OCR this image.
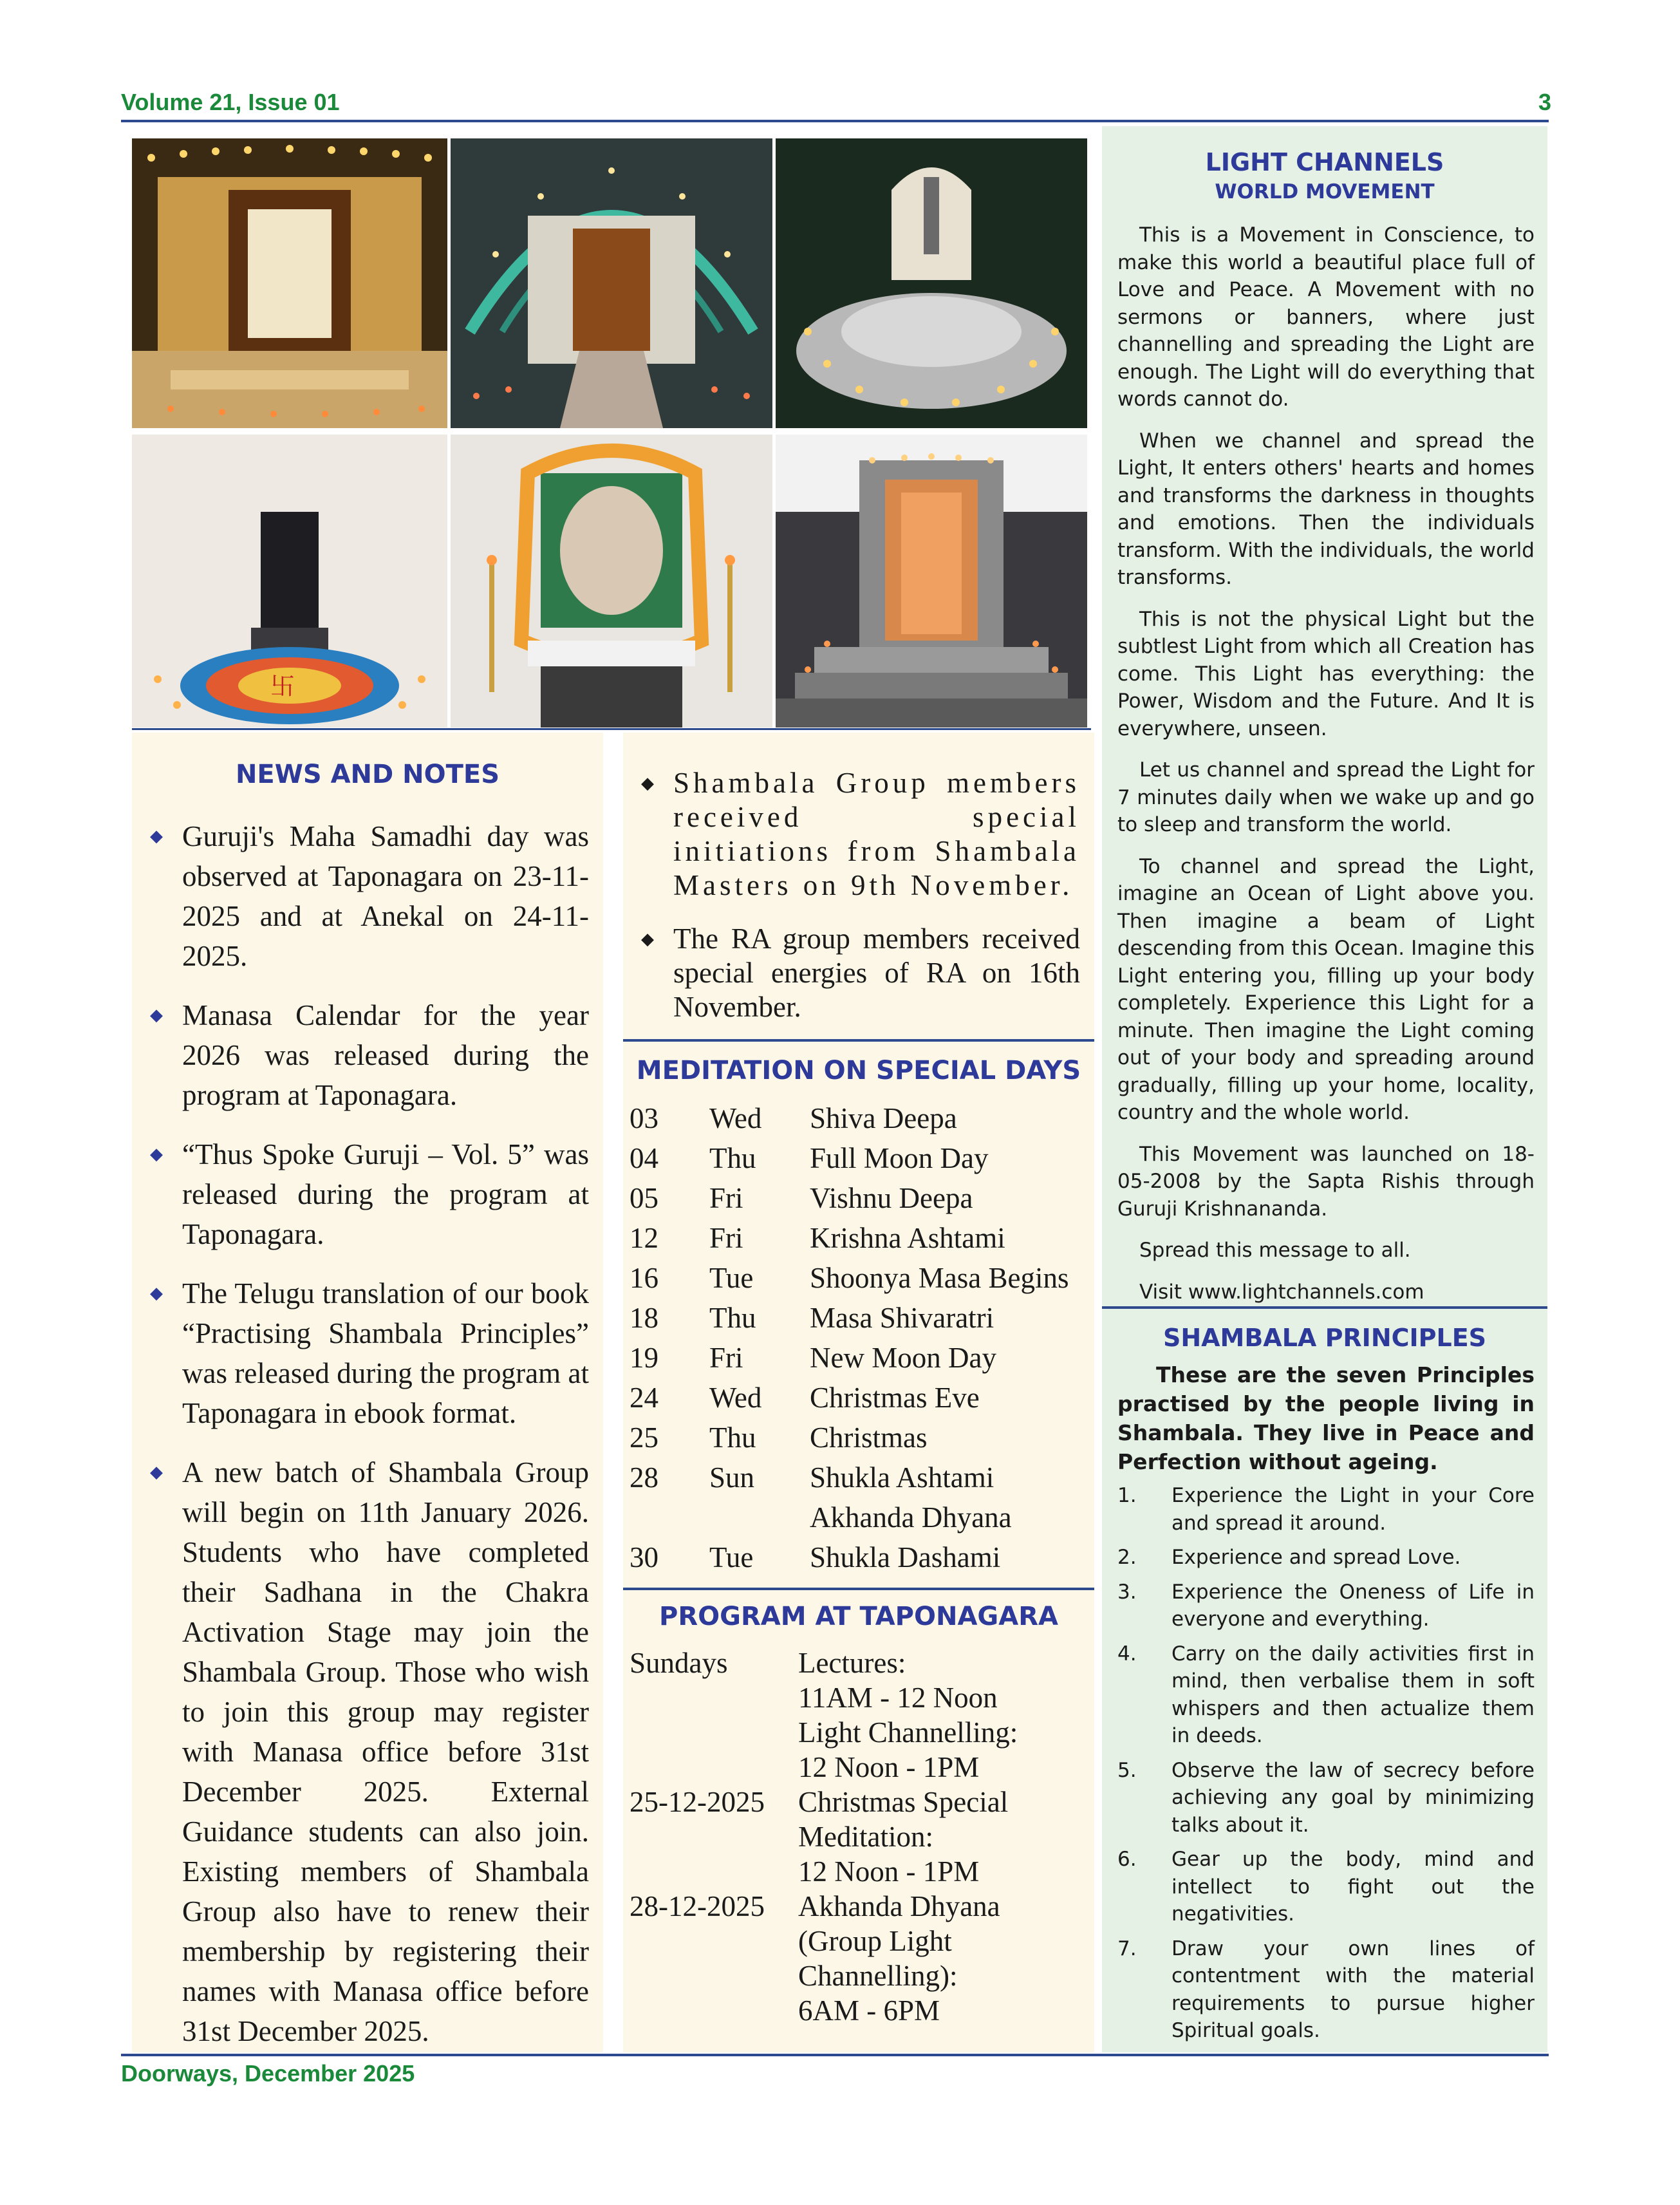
Volume 21, Issue 01	3
卐
NEWS AND NOTES
◆ Guruji's Maha Samadhi day was observed at Taponagara on 23-11-2025 and at Anekal on 24-11-2025.
◆ Manasa Calendar for the year 2026 was released during the program at Taponagara.
◆ “Thus Spoke Guruji – Vol. 5” was released during the program at Taponagara.
◆ The Telugu translation of our book “Practising Shambala Principles” was released during the program at Taponagara in ebook format.
◆ A new batch of Shambala Group will begin on 11th January 2026. Students who have completed their Sadhana in the Chakra Activation Stage may join the Shambala Group. Those who wish to join this group may register with Manasa office before 31st December 2025. External Guidance students can also join. Existing members of Shambala Group also have to renew their membership by registering their names with Manasa office before 31st December 2025.
◆ Shambala Group members received special initiations from Shambala Masters on 9th November.
◆ The RA group members received special energies of RA on 16th November.
MEDITATION ON SPECIAL DAYS
03	Wed	Shiva Deepa
04	Thu	Full Moon Day
05	Fri	Vishnu Deepa
12	Fri	Krishna Ashtami
16	Tue	Shoonya Masa Begins
18	Thu	Masa Shivaratri
19	Fri	New Moon Day
24	Wed	Christmas Eve
25	Thu	Christmas
28	Sun	Shukla Ashtami
		Akhanda Dhyana
30	Tue	Shukla Dashami
PROGRAM AT TAPONAGARA
Sundays	Lectures:
	11AM - 12 Noon
	Light Channelling:
	12 Noon - 1PM
25-12-2025	Christmas Special
	Meditation:
	12 Noon - 1PM
28-12-2025	Akhanda Dhyana
	(Group Light
	Channelling):
	6AM - 6PM
LIGHT CHANNELS
WORLD MOVEMENT

This is a Movement in Conscience, to make this world a beautiful place full of Love and Peace. A Movement with no sermons or banners, where just channelling and spreading the Light are enough. The Light will do everything that words cannot do.

When we channel and spread the Light, It enters others' hearts and homes and transforms the darkness in thoughts and emotions. Then the individuals transform. With the individuals, the world transforms.

This is not the physical Light but the subtlest Light from which all Creation has come. This Light has everything: the Power, Wisdom and the Future. And It is everywhere, unseen.

Let us channel and spread the Light for 7 minutes daily when we wake up and go to sleep and transform the world.

To channel and spread the Light, imagine an Ocean of Light above you. Then imagine a beam of Light descending from this Ocean. Imagine this Light entering you, filling up your body completely. Experience this Light for a minute. Then imagine the Light coming out of your body and spreading around gradually, filling up your home, locality, country and the whole world.

This Movement was launched on 18-05-2008 by the Sapta Rishis through Guruji Krishnananda.

Spread this message to all.

Visit www.lightchannels.com

SHAMBALA PRINCIPLES

These are the seven Principles practised by the people living in Shambala. They live in Peace and Perfection without ageing.

1. Experience the Light in your Core and spread it around.
2. Experience and spread Love.
3. Experience the Oneness of Life in everyone and everything.
4. Carry on the daily activities first in mind, then verbalise them in soft whispers and then actualize them in deeds.
5. Observe the law of secrecy before achieving any goal by minimizing talks about it.
6. Gear up the body, mind and intellect to fight out the negativities.
7. Draw your own lines of contentment with the material requirements to pursue higher Spiritual goals.
Doorways, December 2025
